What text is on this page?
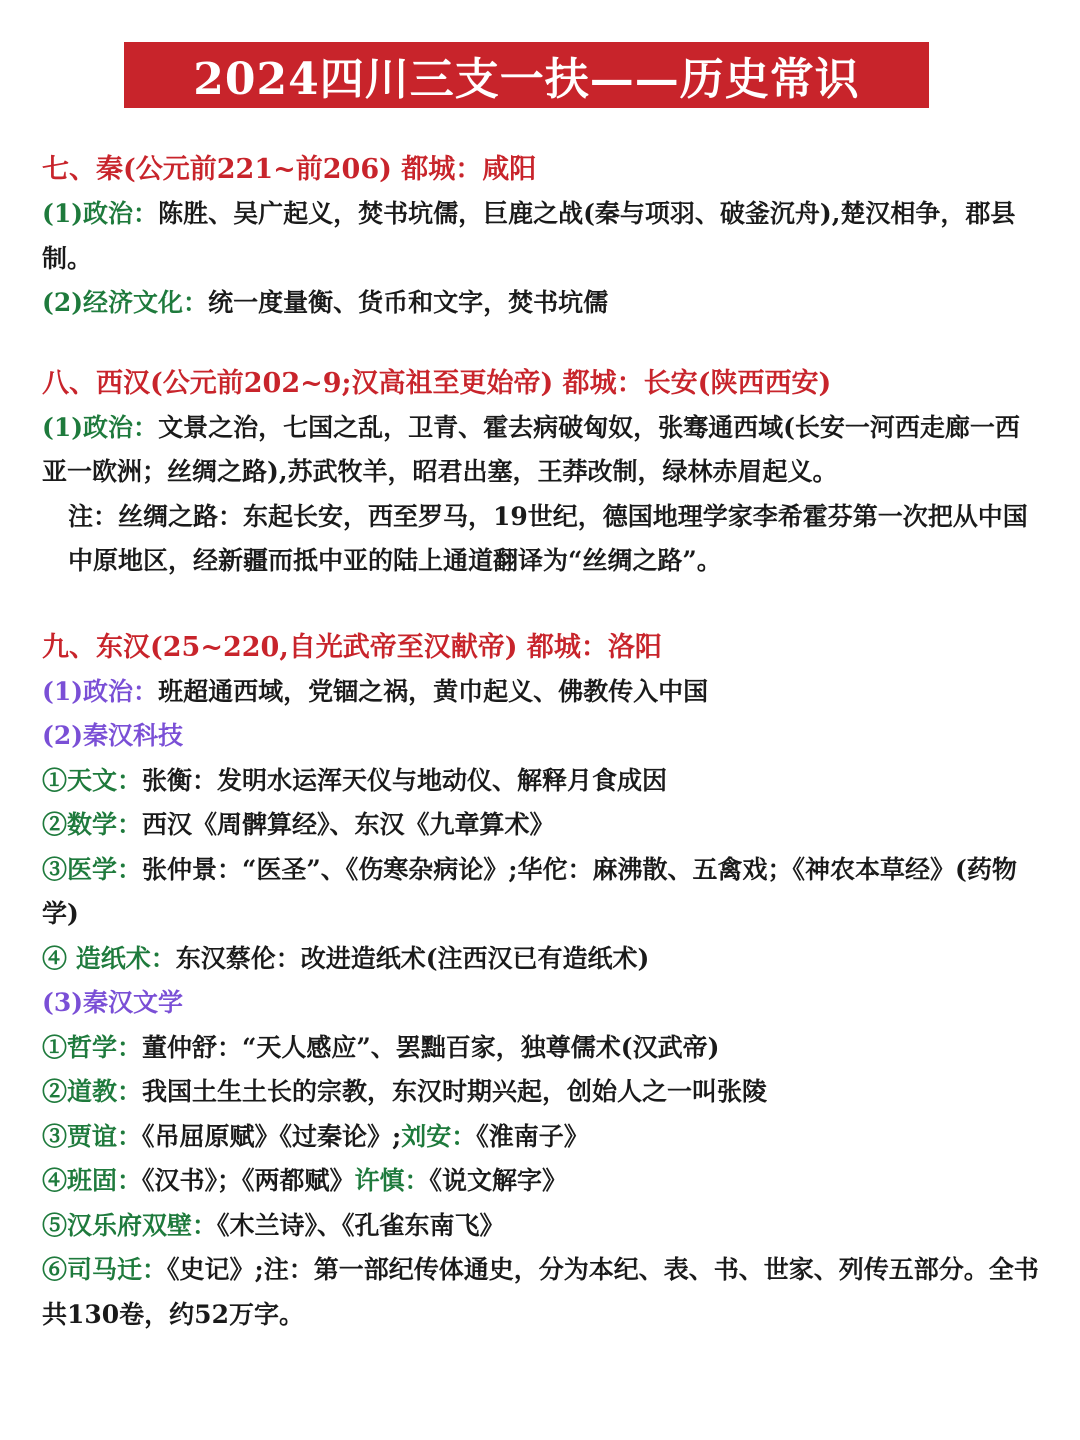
2024四川三支一扶——历史常识
七、秦(公元前221~前206) 都城：咸阳

(1)政治：陈胜、吴广起义，焚书坑儒，巨鹿之战(秦与项羽、破釜沉舟),楚汉相争，郡县制。

(2)经济文化：统一度量衡、货币和文字，焚书坑儒

八、西汉(公元前202~9;汉高祖至更始帝) 都城：长安(陕西西安)

(1)政治：文景之治，七国之乱，卫青、霍去病破匈奴，张骞通西域(长安一河西走廊一西亚一欧洲；丝绸之路),苏武牧羊，昭君出塞，王莽改制，绿林赤眉起义。

注：丝绸之路：东起长安，西至罗马，19世纪，德国地理学家李希霍芬第一次把从中国中原地区，经新疆而抵中亚的陆上通道翻译为“丝绸之路”。

九、东汉(25~220,自光武帝至汉献帝) 都城：洛阳

(1)政治：班超通西域，党锢之祸，黄巾起义、佛教传入中国

(2)秦汉科技

①天文：张衡：发明水运浑天仪与地动仪、解释月食成因

②数学：西汉《周髀算经》、东汉《九章算术》

③医学：张仲景：“医圣”、《伤寒杂病论》;华佗：麻沸散、五禽戏；《神农本草经》(药物学)

④ 造纸术：东汉蔡伦：改进造纸术(注西汉已有造纸术)

(3)秦汉文学

①哲学：董仲舒：“天人感应”、罢黜百家，独尊儒术(汉武帝)

②道教：我国土生土长的宗教，东汉时期兴起，创始人之一叫张陵

③贾谊：《吊屈原赋》《过秦论》;刘安：《淮南子》

④班固：《汉书》；《两都赋》许慎：《说文解字》

⑤汉乐府双壁：《木兰诗》、《孔雀东南飞》

⑥司马迁：《史记》;注：第一部纪传体通史，分为本纪、表、书、世家、列传五部分。全书共130卷，约52万字。
